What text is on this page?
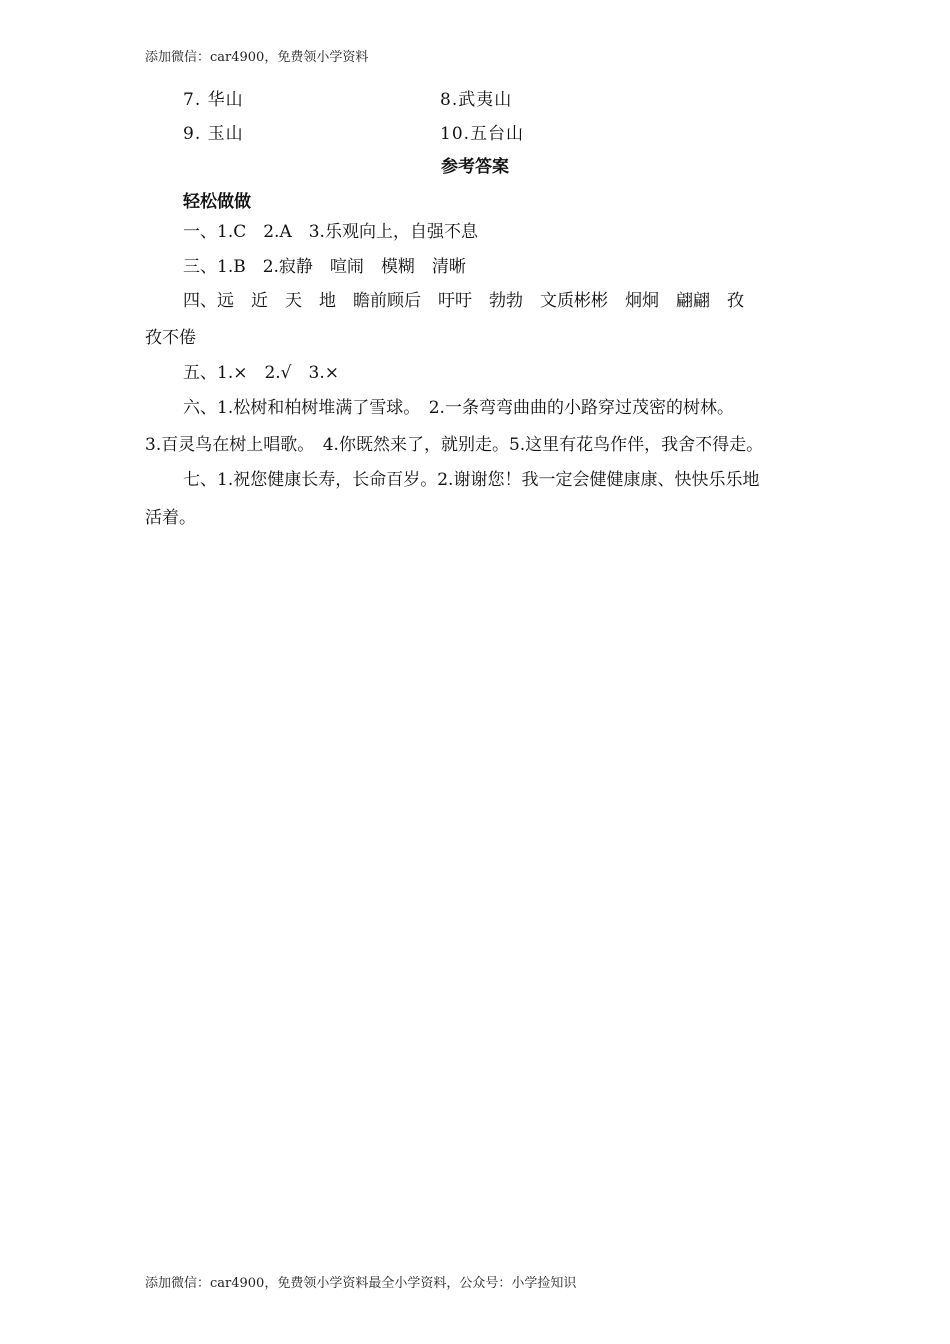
添加微信：car4900，免费领小学资料
7. 华山	8.武夷山
9. 玉山	10.五台山
参考答案
轻松做做
一、1.C　2.A　3.乐观向上，自强不息
三、1.B　2.寂静　喧闹　模糊　清晰
四、远　近　天　地　瞻前顾后　吁吁　勃勃　文质彬彬　炯炯　翩翩　孜
孜不倦
五、1.×　2.√　3.×
六、1.松树和柏树堆满了雪球。　2.一条弯弯曲曲的小路穿过茂密的树林。
3.百灵鸟在树上唱歌。　4.你既然来了，就别走。5.这里有花鸟作伴，我舍不得走。
七、1.祝您健康长寿，长命百岁。2.谢谢您！我一定会健健康康、快快乐乐地
活着。
添加微信：car4900，免费领小学资料最全小学资料，公众号：小学捡知识
